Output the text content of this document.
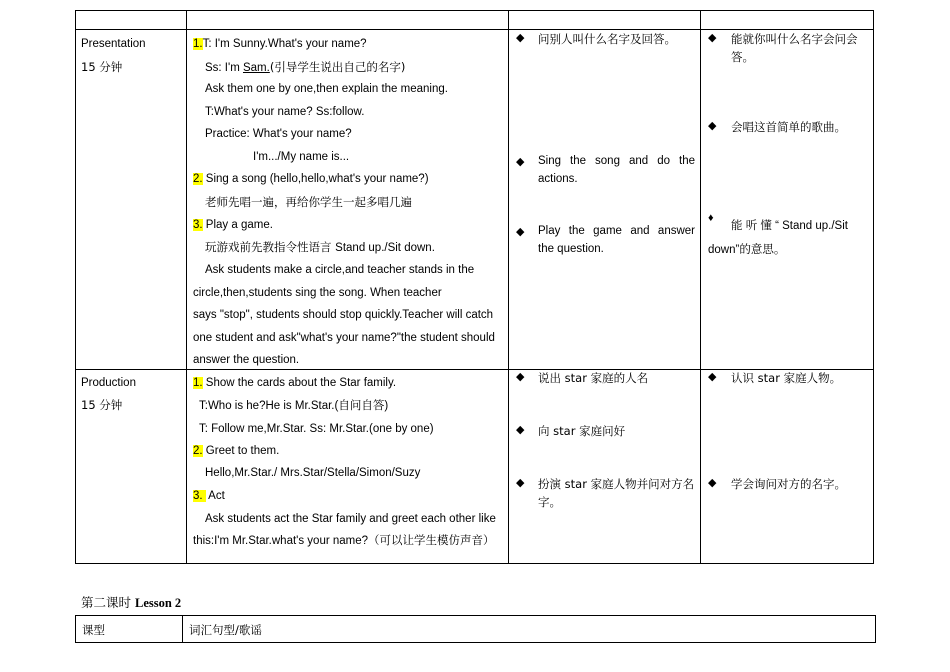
Presentation
15 分钟
1.T: I'm Sunny.What's your name?
Ss: I'm Sam.(引导学生说出自己的名字)
Ask them one by one,then explain the meaning.
T:What's your name? Ss:follow.
Practice: What's your name?
I'm.../My name is...
2. Sing a song (hello,hello,what's your name?)
老师先唱一遍，再给你学生一起多唱几遍
3. Play a game.
玩游戏前先教指令性语言 Stand up./Sit down.
Ask students make a circle,and teacher stands in the
circle,then,students sing the song. When teacher
says "stop", students should stop quickly.Teacher will catch
one student and ask"what's your name?"the student should
answer the question.
◆ 问别人叫什么名字及回答。
◆ Sing the song and do the
actions.
◆ Play the game and answer
the question.
◆ 能就你叫什么名字会问会
答。
◆ 会唱这首简单的歌曲。
♦
能 听 懂 “ Stand up./Sit
down”的意思。
Production
15 分钟
1. Show the cards about the Star family.
T:Who is he?He is Mr.Star.(自问自答)
T: Follow me,Mr.Star. Ss: Mr.Star.(one by one)
2. Greet to them.
Hello,Mr.Star./ Mrs.Star/Stella/Simon/Suzy
3. Act
Ask students act the Star family and greet each other like
this:I'm Mr.Star.what's your name?（可以让学生模仿声音）
◆ 说出 star 家庭的人名
◆ 向 star 家庭问好
◆ 扮演 star 家庭人物并问对方名
字。
◆ 认识 star 家庭人物。
◆ 学会询问对方的名字。
第二课时 Lesson 2
课型	词汇句型/歌谣
